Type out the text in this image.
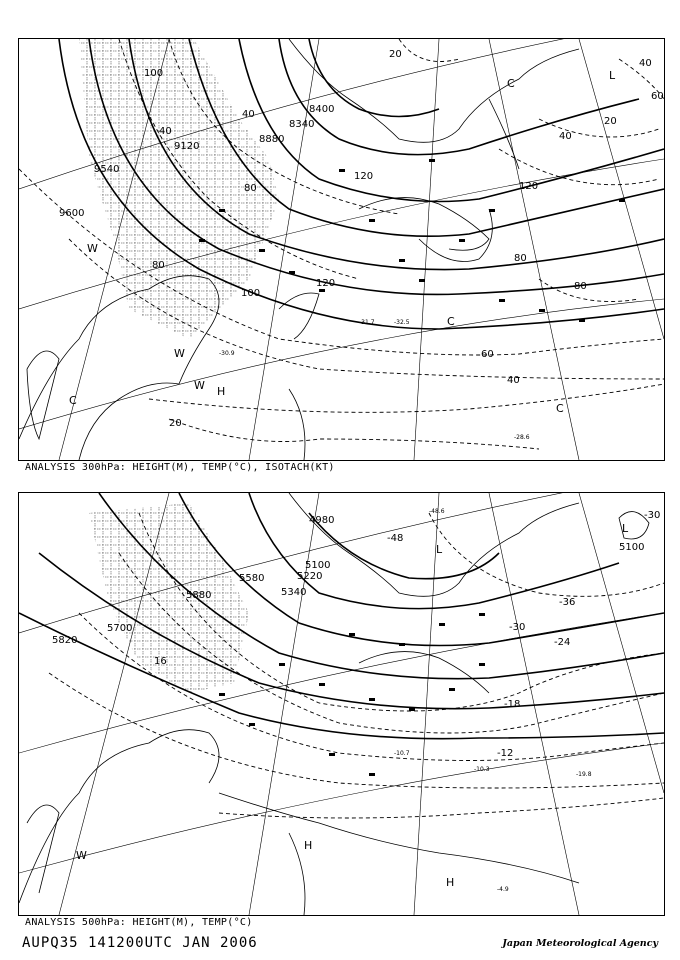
9600
9540
9120
8880
8400
8340
100
40
80
100
120
120
80
80
60
40
20
20
40
20
40
40
60
80
120
-31.7	-32.5
-30.9
-28.6
C
L
C
W
W
W H
C
C
ANALYSIS 300hPa: HEIGHT(M), TEMP(°C), ISOTACH(KT)
5880
5820
5700
5580
5340
5220
5100
4980
5100
-48
-36
-30
-24
-18
-12
-30
16
-48.6
-10.7
-10.3
-19.8
-4.9
L
L
W
H
H
ANALYSIS 500hPa: HEIGHT(M), TEMP(°C)
AUPQ35 141200UTC JAN 2006	Japan Meteorological Agency
